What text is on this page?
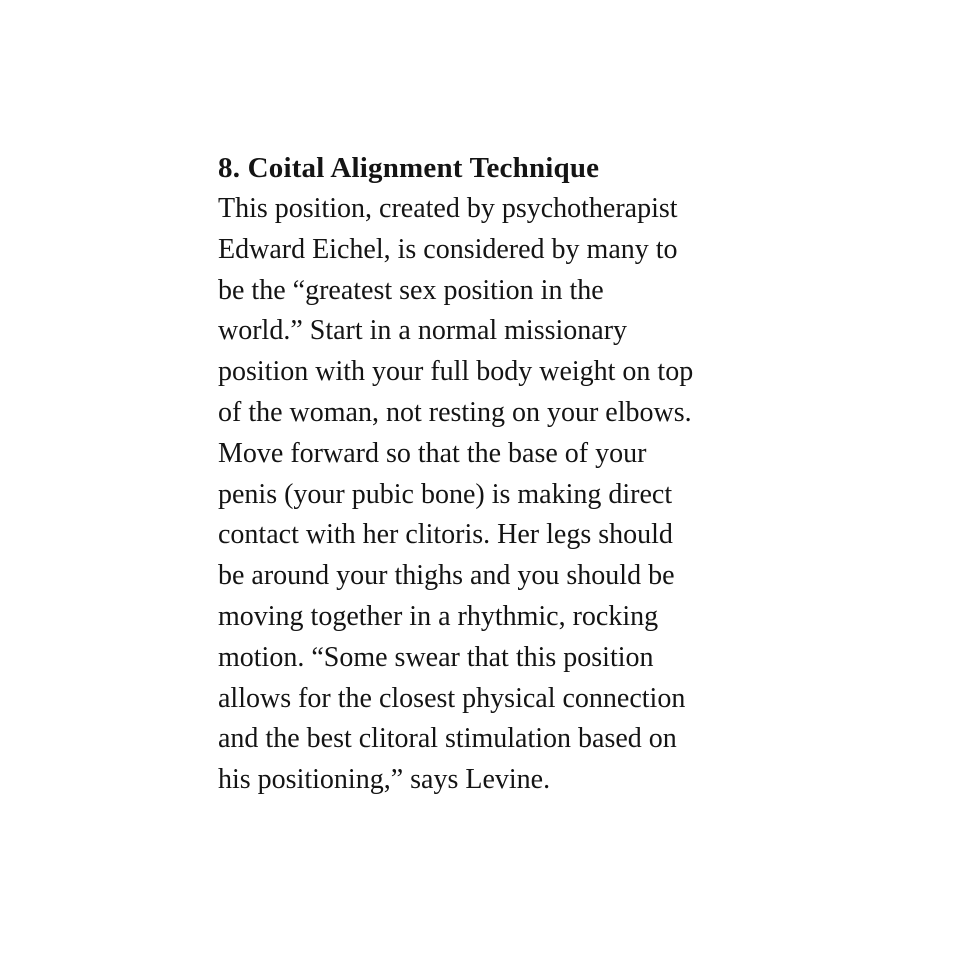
8. Coital Alignment Technique
This position, created by psychotherapist
Edward Eichel, is considered by many to
be the “greatest sex position in the
world.” Start in a normal missionary
position with your full body weight on top
of the woman, not resting on your elbows.
Move forward so that the base of your
penis (your pubic bone) is making direct
contact with her clitoris. Her legs should
be around your thighs and you should be
moving together in a rhythmic, rocking
motion. “Some swear that this position
allows for the closest physical connection
and the best clitoral stimulation based on
his positioning,” says Levine.
